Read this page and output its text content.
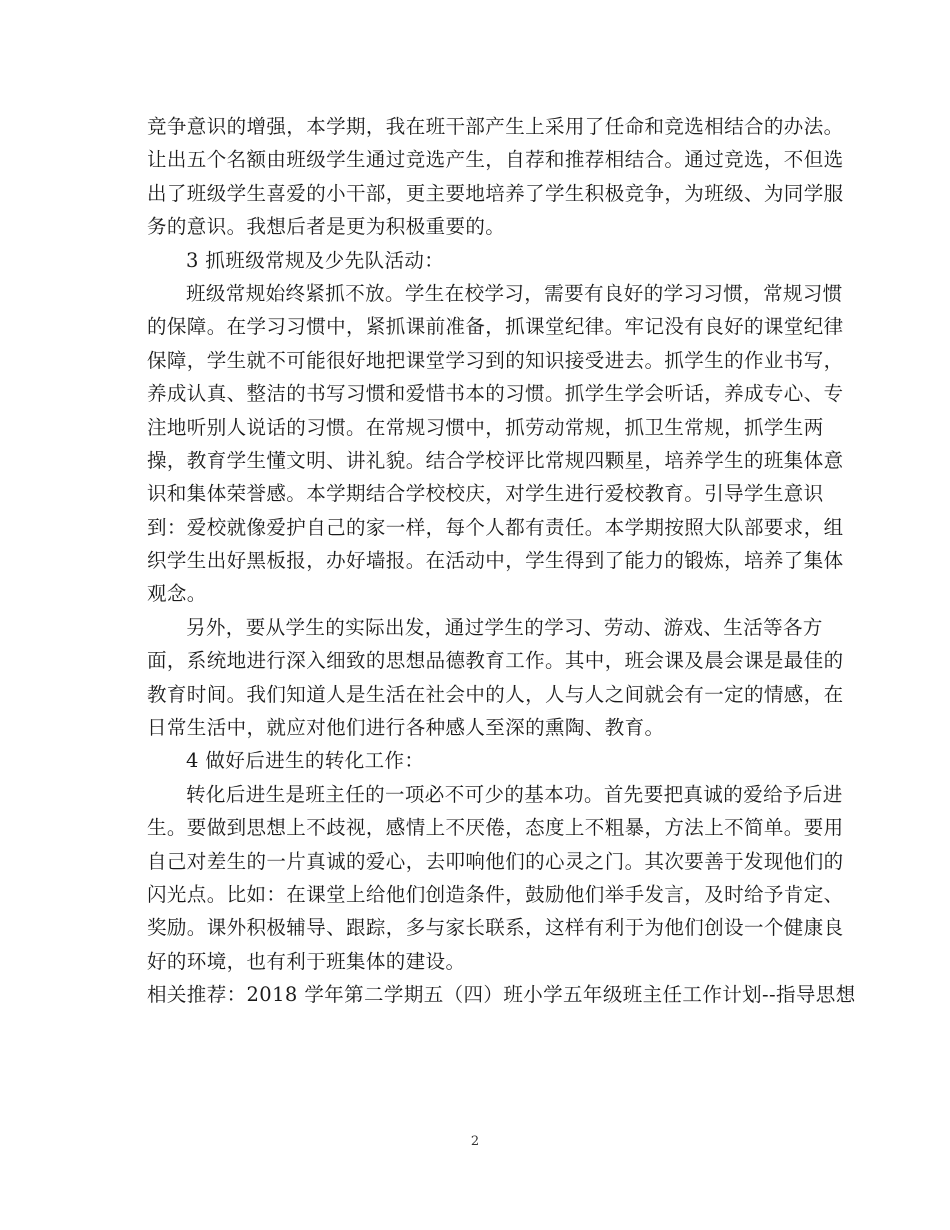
竞争意识的增强，本学期，我在班干部产生上采用了任命和竞选相结合的办法。
让出五个名额由班级学生通过竞选产生，自荐和推荐相结合。通过竞选，不但选
出了班级学生喜爱的小干部，更主要地培养了学生积极竞争，为班级、为同学服
务的意识。我想后者是更为积极重要的。
3 抓班级常规及少先队活动：
班级常规始终紧抓不放。学生在校学习，需要有良好的学习习惯，常规习惯
的保障。在学习习惯中，紧抓课前准备，抓课堂纪律。牢记没有良好的课堂纪律
保障，学生就不可能很好地把课堂学习到的知识接受进去。抓学生的作业书写，
养成认真、整洁的书写习惯和爱惜书本的习惯。抓学生学会听话，养成专心、专
注地听别人说话的习惯。在常规习惯中，抓劳动常规，抓卫生常规，抓学生两
操，教育学生懂文明、讲礼貌。结合学校评比常规四颗星，培养学生的班集体意
识和集体荣誉感。本学期结合学校校庆，对学生进行爱校教育。引导学生意识
到：爱校就像爱护自己的家一样，每个人都有责任。本学期按照大队部要求，组
织学生出好黑板报，办好墙报。在活动中，学生得到了能力的锻炼，培养了集体
观念。
另外，要从学生的实际出发，通过学生的学习、劳动、游戏、生活等各方
面，系统地进行深入细致的思想品德教育工作。其中，班会课及晨会课是最佳的
教育时间。我们知道人是生活在社会中的人，人与人之间就会有一定的情感，在
日常生活中，就应对他们进行各种感人至深的熏陶、教育。
4 做好后进生的转化工作：
转化后进生是班主任的一项必不可少的基本功。首先要把真诚的爱给予后进
生。要做到思想上不歧视，感情上不厌倦，态度上不粗暴，方法上不简单。要用
自己对差生的一片真诚的爱心，去叩响他们的心灵之门。其次要善于发现他们的
闪光点。比如：在课堂上给他们创造条件，鼓励他们举手发言，及时给予肯定、
奖励。课外积极辅导、跟踪，多与家长联系，这样有利于为他们创设一个健康良
好的环境，也有利于班集体的建设。
相关推荐：2018 学年第二学期五（四）班小学五年级班主任工作计划--指导思想
2
